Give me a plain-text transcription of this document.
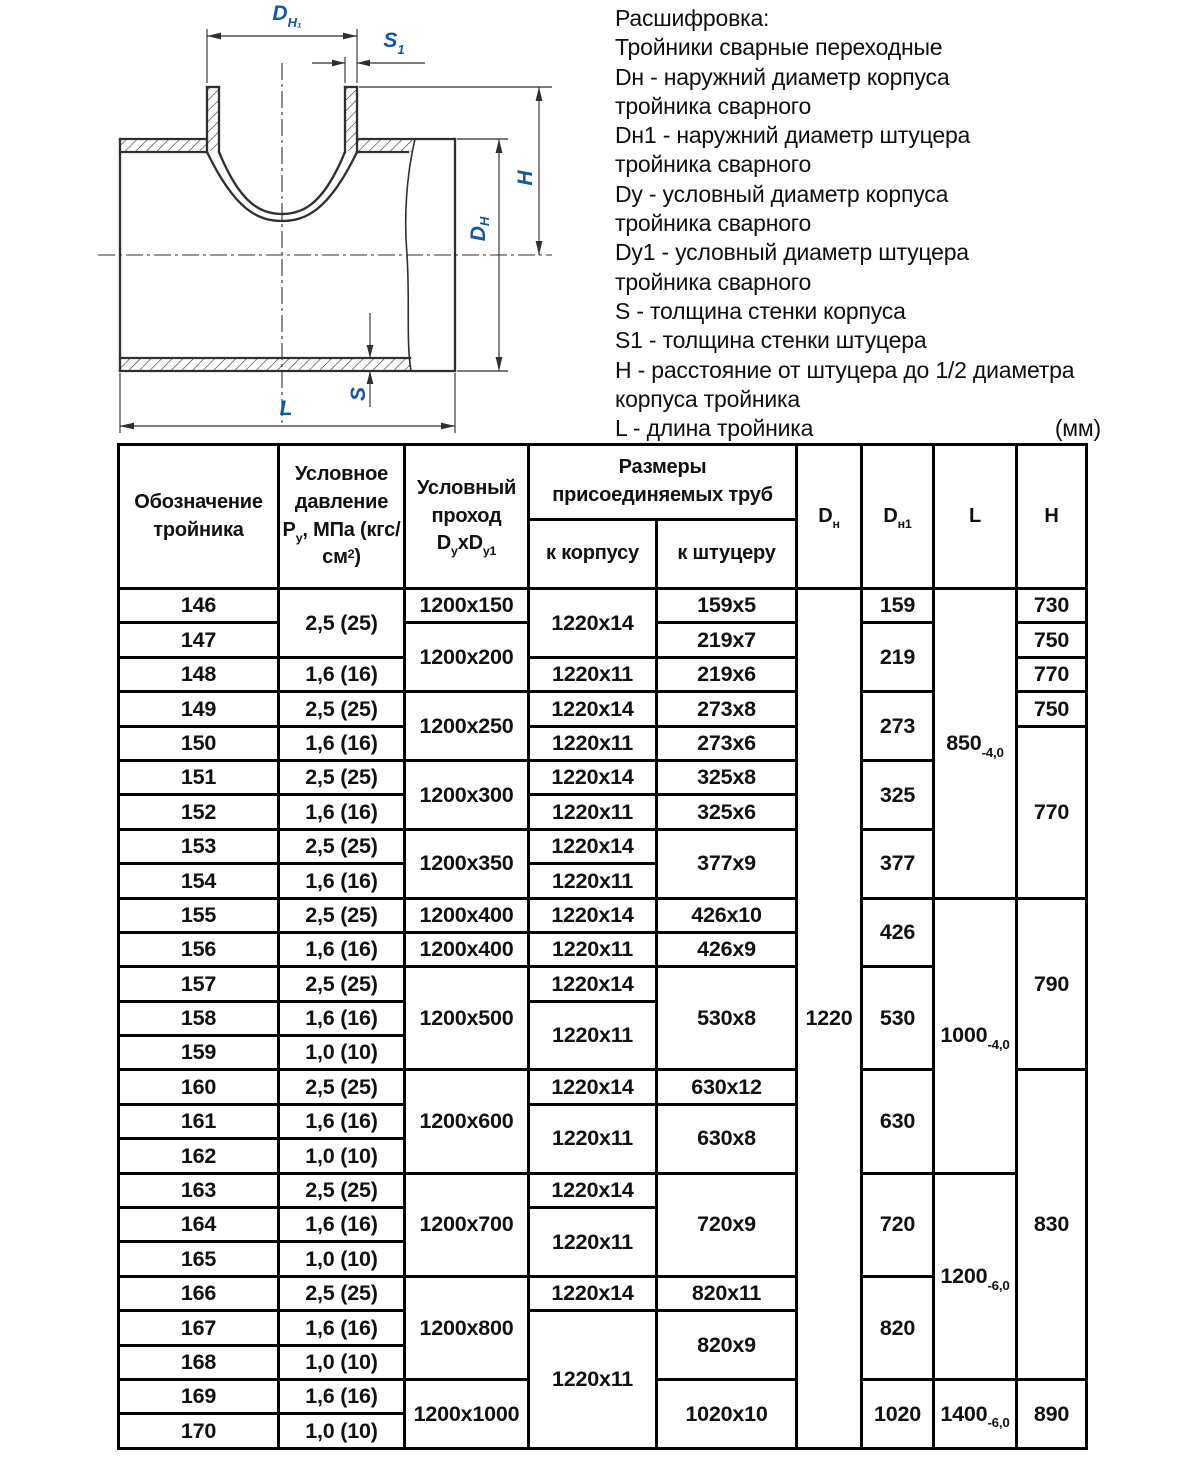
$D_{H_1}$
$S_1$
H
D
$_H$
S
L
Расшифровка:
Тройники сварные переходные
Dн - наружний диаметр корпуса
тройника сварного
Dн1 - наружний диаметр штуцера
тройника сварного
Dy - условный диаметр корпуса
тройника сварного
Dy1 - условный диаметр штуцера
тройника сварного
S - толщина стенки корпуса
S1 - толщина стенки штуцера
H - расстояние от штуцера до 1/2 диаметра
корпуса тройника
L - длина тройника	(мм)
Обозначение тройника	Условное давление $P_у$, МПа $(кгс/см^2)$	Условный проход $D_yxD_{y1}$	Размеры присоединяемых труб		$D_н$	$D_{н1}$	L	H
			к корпусу	к штуцеру				
146	2,5 (25)	1200x150	1220x14	159x5	1220	159	$850_{-4,0}$	730
147		1200x200		219x7		219		750
148	1,6 (16)		1220x11	219x6				770
149	2,5 (25)	1200x250	1220x14	273x8		273		750
150	1,6 (16)		1220x11	273x6				770
151	2,5 (25)	1200x300	1220x14	325x8		325		
152	1,6 (16)		1220x11	325x6				
153	2,5 (25)	1200x350	1220x14	377x9		377		
154	1,6 (16)		1220x11					
155	2,5 (25)	1200x400	1220x14	426x10		426	$1000_{-4,0}$	790
156	1,6 (16)	1200x400	1220x11	426x9				
157	2,5 (25)	1200x500	1220x14	530x8		530		
158	1,6 (16)		1220x11					
159	1,0 (10)							
160	2,5 (25)	1200x600	1220x14	630x12		630		830
161	1,6 (16)		1220x11	630x8				
162	1,0 (10)							
163	2,5 (25)	1200x700	1220x14	720x9		720	$1200_{-6,0}$
164	1,6 (16)		1220x11					
165	1,0 (10)							
166	2,5 (25)	1200x800	1220x14	820x11		820		
167	1,6 (16)		1220x11	820x9				
168	1,0 (10)							
169	1,6 (16)	1200x1000		1020x10		1020	$1400_{-6,0}$	890
170	1,0 (10)							
